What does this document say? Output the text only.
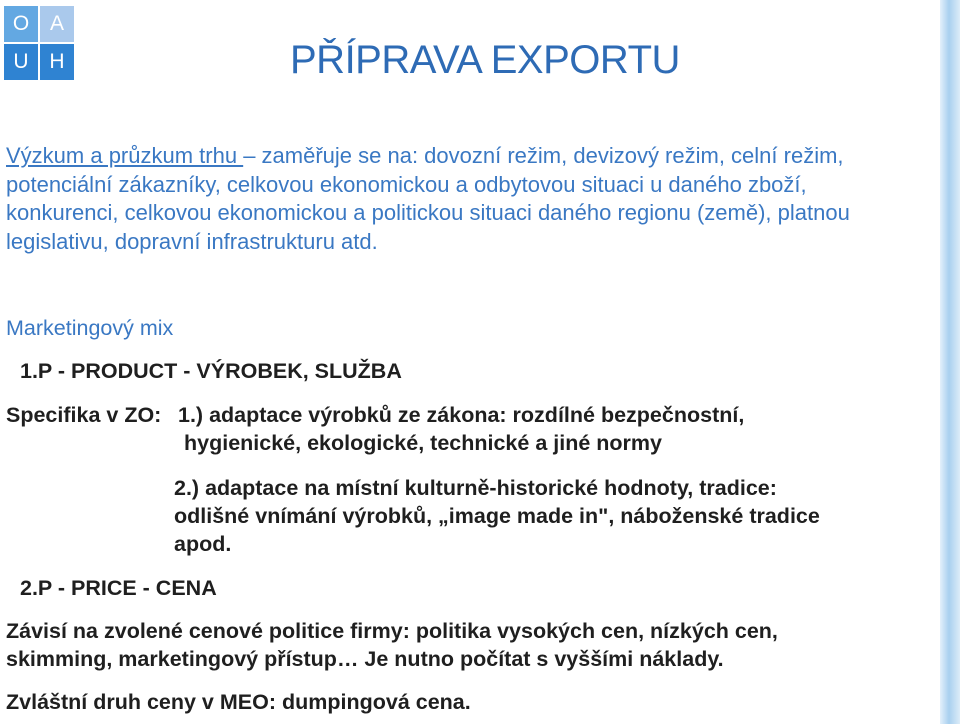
O A
U H	PŘÍPRAVA EXPORTU

Výzkum a průzkum trhu – zaměřuje se na: dovozní režim, devizový režim, celní režim, potenciální zákazníky, celkovou ekonomickou a odbytovou situaci u daného zboží, konkurenci, celkovou ekonomickou a politickou situaci daného regionu (země), platnou legislativu, dopravní infrastrukturu atd.

Marketingový mix

1.P - PRODUCT - VÝROBEK, SLUŽBA

Specifika v ZO: 1.) adaptace výrobků ze zákona: rozdílné bezpečnostní,

hygienické, ekologické, technické a jiné normy

2.) adaptace na místní kulturně-historické hodnoty, tradice:

odlišné vnímání výrobků, „image made in", náboženské tradice

apod.

2.P - PRICE - CENA

Závisí na zvolené cenové politice firmy: politika vysokých cen, nízkých cen,

skimming, marketingový přístup… Je nutno počítat s vyššími náklady.

Zvláštní druh ceny v MEO: dumpingová cena.
